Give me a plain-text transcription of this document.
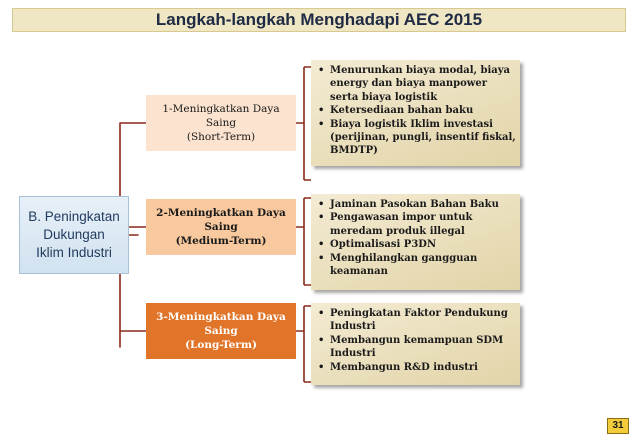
Langkah-langkah Menghadapi AEC 2015
B. Peningkatan
Dukungan
Iklim Industri
1-Meningkatkan Daya
Saing
(Short-Term)
2-Meningkatkan Daya
Saing
(Medium-Term)
3-Meningkatkan Daya
Saing
(Long-Term)
• Menurunkan biaya modal, biaya energy dan biaya manpower serta biaya logistik
• Ketersediaan bahan baku
• Biaya logistik Iklim investasi (perijinan, pungli, insentif fiskal, BMDTP)
• Jaminan Pasokan Bahan Baku
• Pengawasan impor untuk meredam produk illegal
• Optimalisasi P3DN
• Menghilangkan gangguan keamanan
• Peningkatan Faktor Pendukung Industri
• Membangun kemampuan SDM Industri
• Membangun R&D industri
31
